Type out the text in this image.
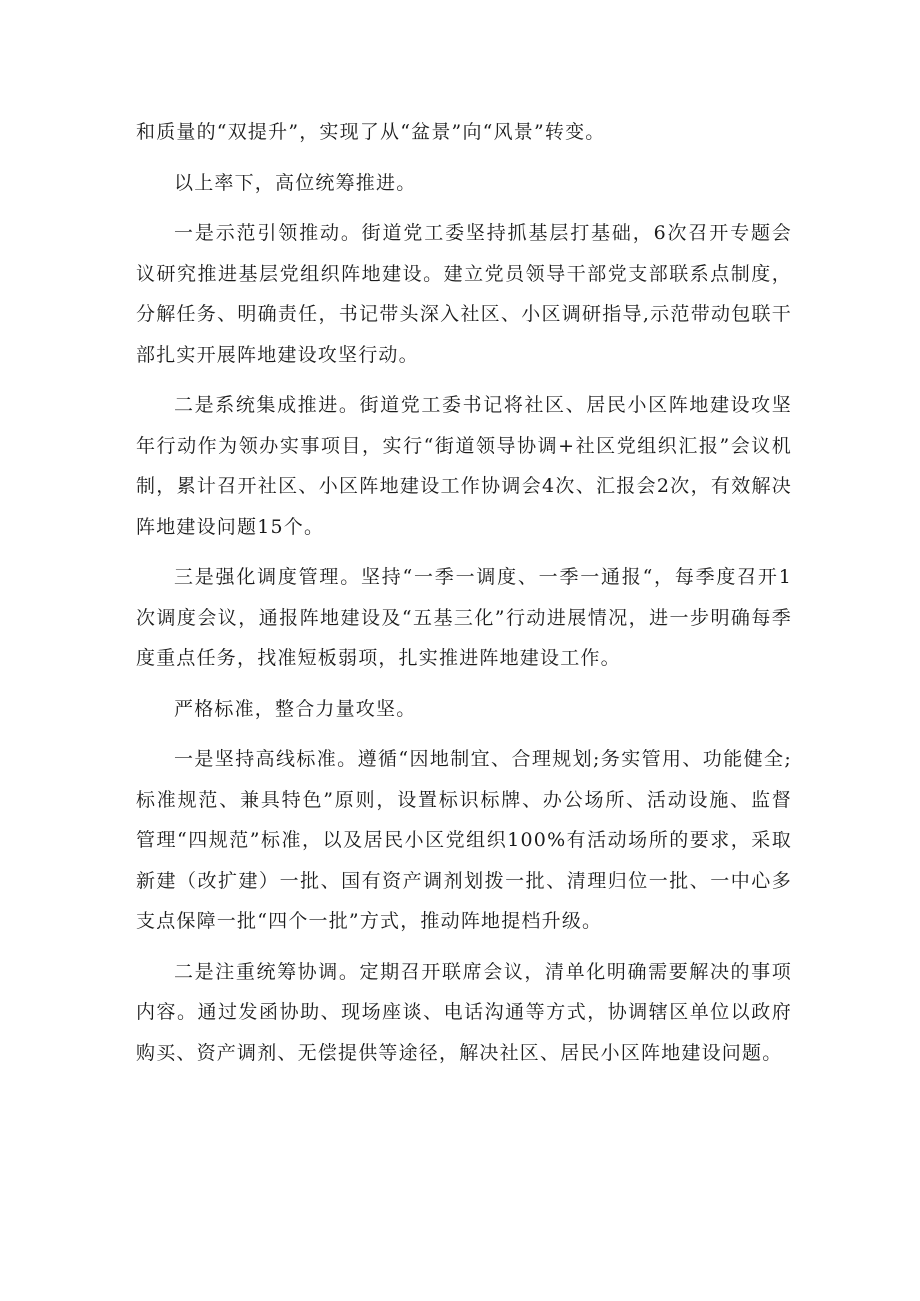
和质量的“双提升”，实现了从“盆景”向“风景”转变。

以上率下，高位统筹推进。

一是示范引领推动。街道党工委坚持抓基层打基础，6次召开专题会议研究推进基层党组织阵地建设。建立党员领导干部党支部联系点制度，分解任务、明确责任，书记带头深入社区、小区调研指导,示范带动包联干部扎实开展阵地建设攻坚行动。

二是系统集成推进。街道党工委书记将社区、居民小区阵地建设攻坚年行动作为领办实事项目，实行“街道领导协调+社区党组织汇报”会议机制，累计召开社区、小区阵地建设工作协调会4次、汇报会2次，有效解决阵地建设问题15个。

三是强化调度管理。坚持“一季一调度、一季一通报“，每季度召开1次调度会议，通报阵地建设及“五基三化”行动进展情况，进一步明确每季度重点任务，找准短板弱项，扎实推进阵地建设工作。

严格标准，整合力量攻坚。

一是坚持高线标准。遵循“因地制宜、合理规划;务实管用、功能健全;标准规范、兼具特色”原则，设置标识标牌、办公场所、活动设施、监督管理“四规范”标准，以及居民小区党组织100%有活动场所的要求，采取新建（改扩建）一批、国有资产调剂划拨一批、清理归位一批、一中心多支点保障一批“四个一批”方式，推动阵地提档升级。

二是注重统筹协调。定期召开联席会议，清单化明确需要解决的事项内容。通过发函协助、现场座谈、电话沟通等方式，协调辖区单位以政府购买、资产调剂、无偿提供等途径，解决社区、居民小区阵地建设问题。
